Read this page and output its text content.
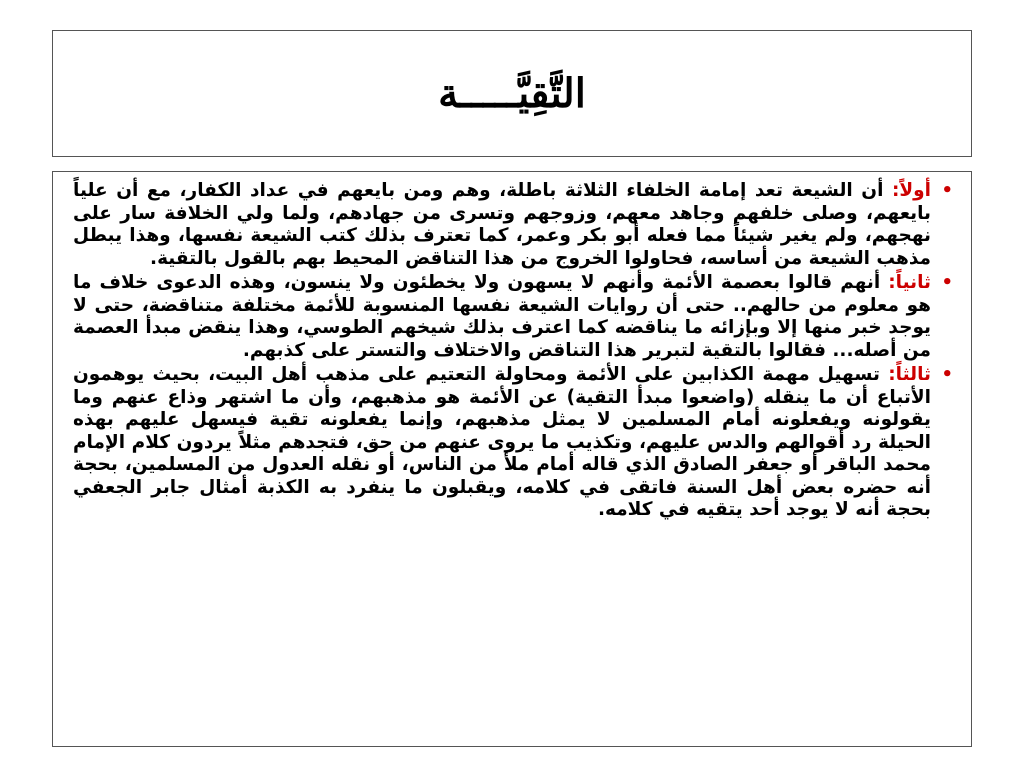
التَّقِيَّـــــة
•
أولاً: أن الشيعة تعد إمامة الخلفاء الثلاثة باطلة، وهم ومن بايعهم في عداد الكفار، مع أن علياً بايعهم، وصلى خلفهم وجاهد معهم، وزوجهم وتسرى من جهادهم، ولما ولي الخلافة سار على نهجهم، ولم يغير شيئاً مما فعله أبو بكر وعمر، كما تعترف بذلك كتب الشيعة نفسها، وهذا يبطل مذهب الشيعة من أساسه، فحاولوا الخروج من هذا التناقض المحيط بهم بالقول بالتقية.
•
ثانياً: أنهم قالوا بعصمة الأئمة وأنهم لا يسهون ولا يخطئون ولا ينسون، وهذه الدعوى خلاف ما هو معلوم من حالهم.. حتى أن روايات الشيعة نفسها المنسوبة للأئمة مختلفة متناقضة، حتى لا يوجد خبر منها إلا وبإزائه ما يناقضه كما اعترف بذلك شيخهم الطوسي، وهذا ينقض مبدأ العصمة من أصله... فقالوا بالتقية لتبرير هذا التناقض والاختلاف والتستر على كذبهم.
•
ثالثاً: تسهيل مهمة الكذابين على الأئمة ومحاولة التعتيم على مذهب أهل البيت، بحيث يوهمون الأتباع أن ما ينقله (واضعوا مبدأ التقية) عن الأئمة هو مذهبهم، وأن ما اشتهر وذاع عنهم وما يقولونه ويفعلونه أمام المسلمين لا يمثل مذهبهم، وإنما يفعلونه تقية فيسهل عليهم بهذه الحيلة رد أقوالهم والدس عليهم، وتكذيب ما يروى عنهم من حق، فتجدهم مثلاً يردون كلام الإمام محمد الباقر أو جعفر الصادق الذي قاله أمام ملأ من الناس، أو نقله العدول من المسلمين، بحجة أنه حضره بعض أهل السنة فاتقى في كلامه، ويقبلون ما ينفرد به الكذبة أمثال جابر الجعفي بحجة أنه لا يوجد أحد يتقيه في كلامه.
